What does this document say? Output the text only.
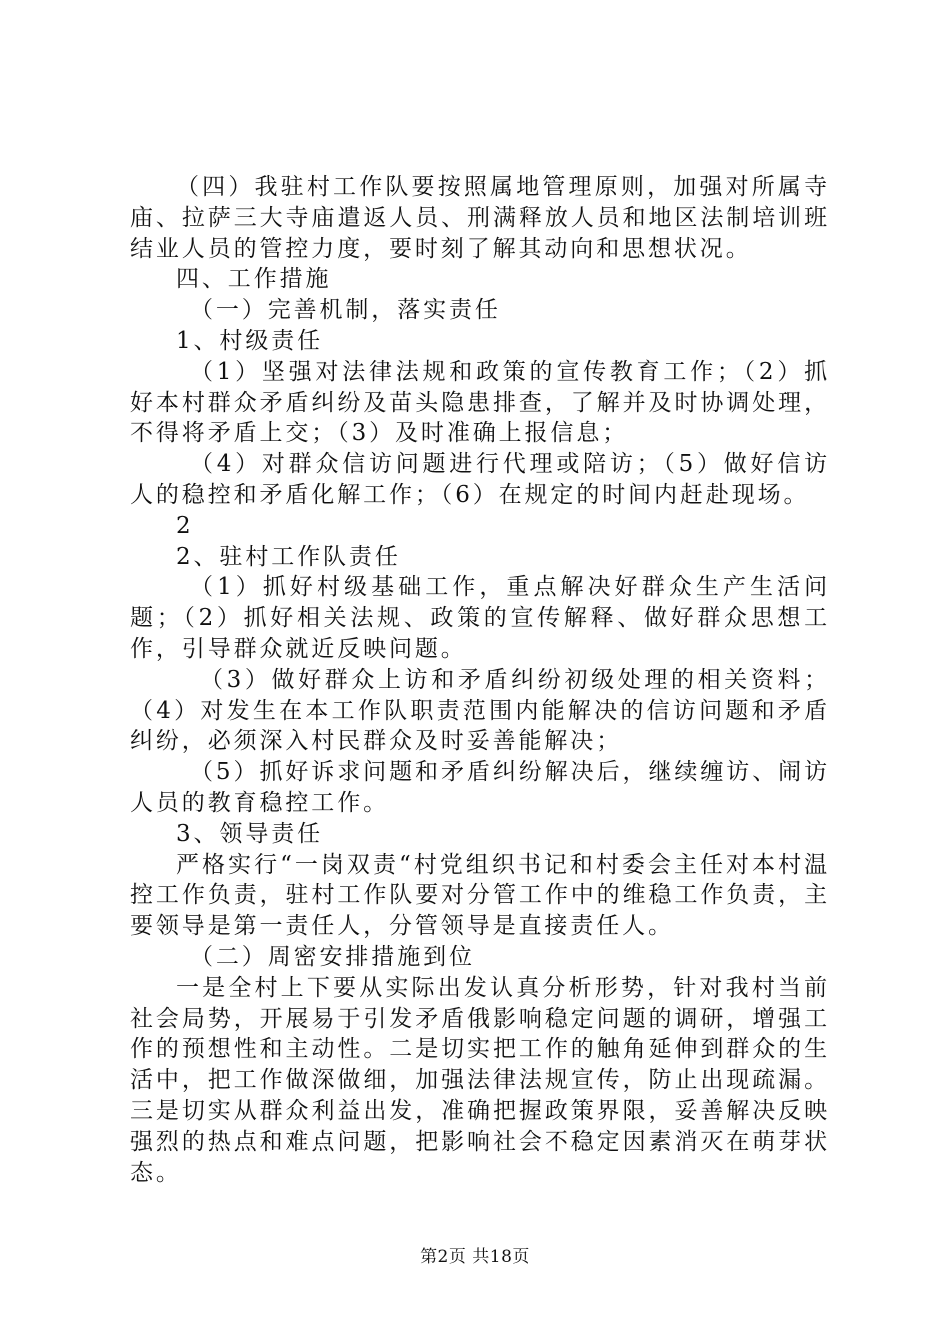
（四）我驻村工作队要按照属地管理原则，加强对所属寺庙、拉萨三大寺庙遣返人员、刑满释放人员和地区法制培训班结业人员的管控力度，要时刻了解其动向和思想状况。

四、工作措施

（一）完善机制，落实责任

1、村级责任

（1）坚强对法律法规和政策的宣传教育工作；（2）抓好本村群众矛盾纠纷及苗头隐患排查，了解并及时协调处理，不得将矛盾上交；（3）及时准确上报信息；

（4）对群众信访问题进行代理或陪访；（5）做好信访人的稳控和矛盾化解工作；（6）在规定的时间内赶赴现场。

2

2、驻村工作队责任

（1）抓好村级基础工作，重点解决好群众生产生活问题；（2）抓好相关法规、政策的宣传解释、做好群众思想工作，引导群众就近反映问题。

（3）做好群众上访和矛盾纠纷初级处理的相关资料；（4）对发生在本工作队职责范围内能解决的信访问题和矛盾纠纷，必须深入村民群众及时妥善能解决；

（5）抓好诉求问题和矛盾纠纷解决后，继续缠访、闹访人员的教育稳控工作。

3、领导责任

严格实行“一岗双责“村党组织书记和村委会主任对本村温控工作负责，驻村工作队要对分管工作中的维稳工作负责，主要领导是第一责任人，分管领导是直接责任人。

（二）周密安排措施到位

一是全村上下要从实际出发认真分析形势，针对我村当前社会局势，开展易于引发矛盾俄影响稳定问题的调研，增强工作的预想性和主动性。二是切实把工作的触角延伸到群众的生活中，把工作做深做细，加强法律法规宣传，防止出现疏漏。三是切实从群众利益出发，准确把握政策界限，妥善解决反映强烈的热点和难点问题，把影响社会不稳定因素消灭在萌芽状态。

第2页 共18页
